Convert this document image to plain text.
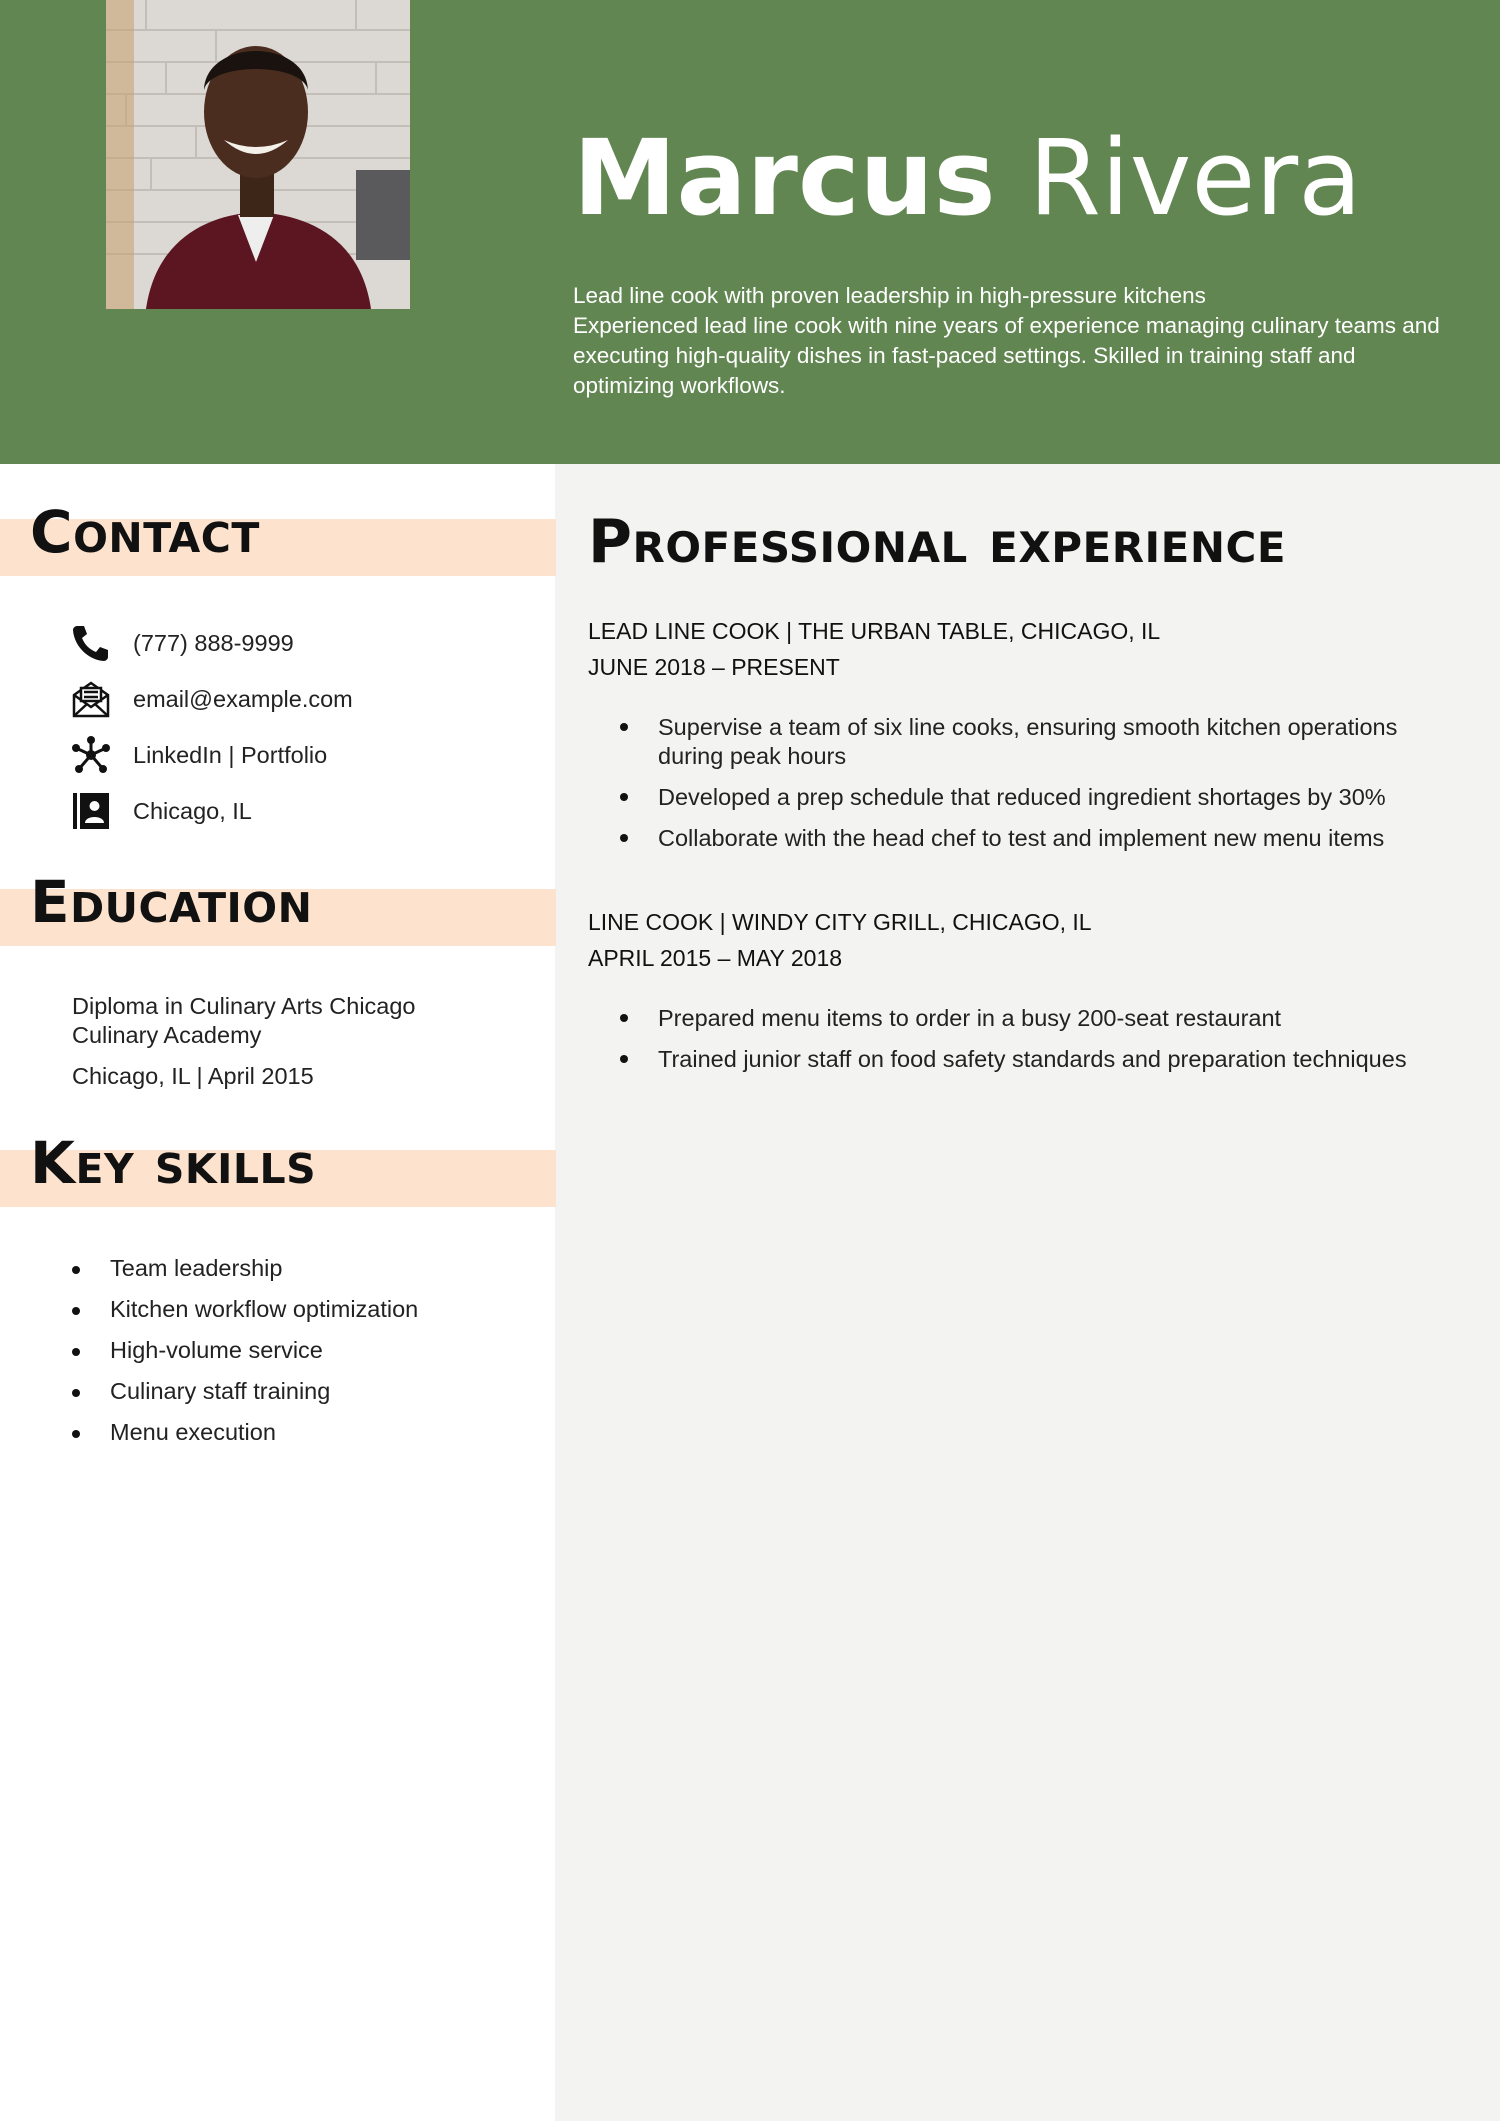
Marcus Rivera
Lead line cook with proven leadership in high-pressure kitchens
Experienced lead line cook with nine years of experience managing culinary teams and executing high-quality dishes in fast-paced settings. Skilled in training staff and optimizing workflows.
Contact
(777) 888-9999
email@example.com
LinkedIn | Portfolio
Chicago, IL
Education
Diploma in Culinary Arts Chicago Culinary Academy
Chicago, IL | April 2015
Key skills
Team leadership
Kitchen workflow optimization
High-volume service
Culinary staff training
Menu execution
Professional experience
LEAD LINE COOK | THE URBAN TABLE, CHICAGO, IL
JUNE 2018 – PRESENT
Supervise a team of six line cooks, ensuring smooth kitchen operations during peak hours
Developed a prep schedule that reduced ingredient shortages by 30%
Collaborate with the head chef to test and implement new menu items
LINE COOK | WINDY CITY GRILL, CHICAGO, IL
APRIL 2015 – MAY 2018
Prepared menu items to order in a busy 200-seat restaurant
Trained junior staff on food safety standards and preparation techniques
